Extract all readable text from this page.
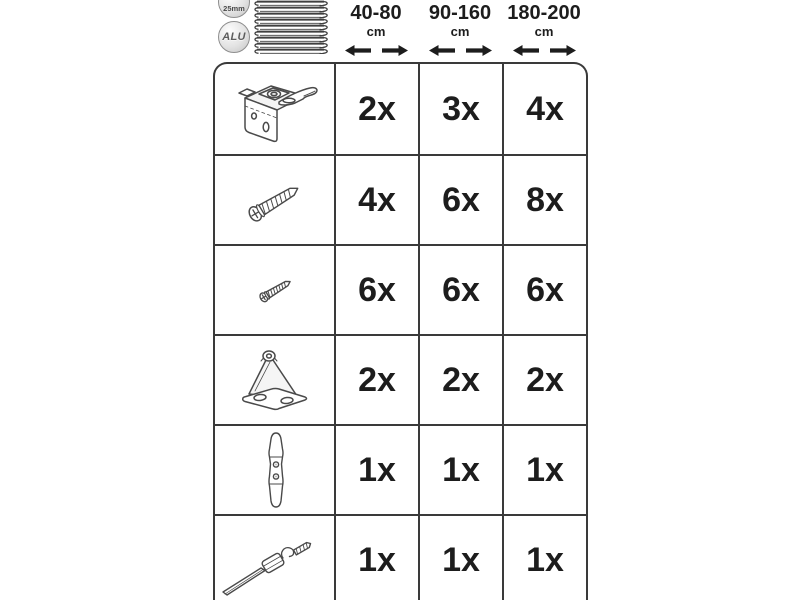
25mm
ALU
40-80
cm
90-160
cm
180-200
cm
2x	3x	4x
4x	6x	8x
6x	6x	6x
2x	2x	2x
1x	1x	1x
1x	1x	1x
